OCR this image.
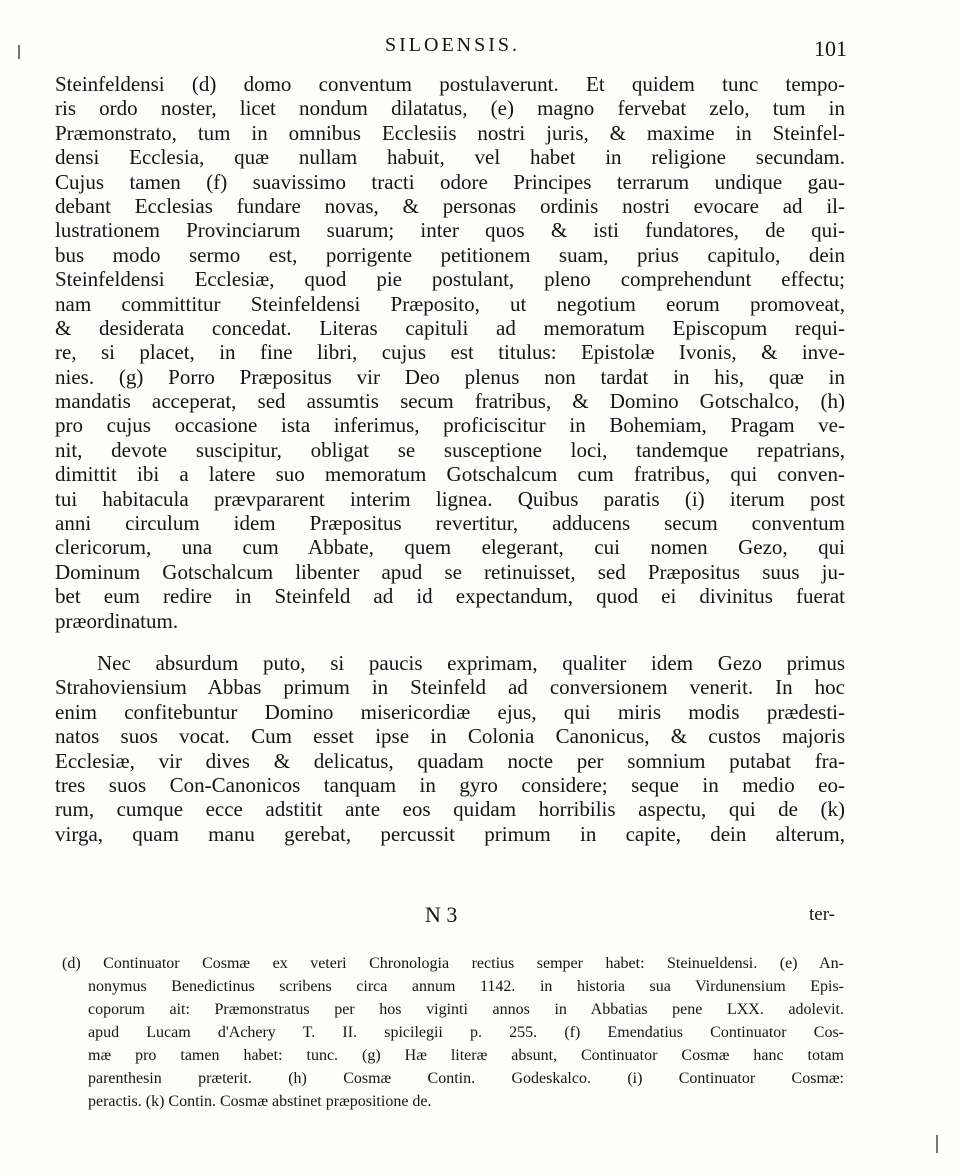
SILOENSIS.	101
Steinfeldensi (d) domo conventum postulaverunt. Et quidem tunc tempo-
ris ordo noster, licet nondum dilatatus, (e) magno fervebat zelo, tum in
Præmonstrato, tum in omnibus Ecclesiis nostri juris, & maxime in Steinfel-
densi Ecclesia, quæ nullam habuit, vel habet in religione secundam.
Cujus tamen (f) suavissimo tracti odore Principes terrarum undique gau-
debant Ecclesias fundare novas, & personas ordinis nostri evocare ad il-
lustrationem Provinciarum suarum; inter quos & isti fundatores, de qui-
bus modo sermo est, porrigente petitionem suam, prius capitulo, dein
Steinfeldensi Ecclesiæ, quod pie postulant, pleno comprehendunt effectu;
nam committitur Steinfeldensi Præposito, ut negotium eorum promoveat,
& desiderata concedat. Literas capituli ad memoratum Episcopum requi-
re, si placet, in fine libri, cujus est titulus: Epistolæ Ivonis, & inve-
nies. (g) Porro Præpositus vir Deo plenus non tardat in his, quæ in
mandatis acceperat, sed assumtis secum fratribus, & Domino Gotschalco, (h)
pro cujus occasione ista inferimus, proficiscitur in Bohemiam, Pragam ve-
nit, devote suscipitur, obligat se susceptione loci, tandemque repatrians,
dimittit ibi a latere suo memoratum Gotschalcum cum fratribus, qui conven-
tui habitacula prævpararent interim lignea. Quibus paratis (i) iterum post
anni circulum idem Præpositus revertitur, adducens secum conventum
clericorum, una cum Abbate, quem elegerant, cui nomen Gezo, qui
Dominum Gotschalcum libenter apud se retinuisset, sed Præpositus suus ju-
bet eum redire in Steinfeld ad id expectandum, quod ei divinitus fuerat
præordinatum.
Nec absurdum puto, si paucis exprimam, qualiter idem Gezo primus
Strahoviensium Abbas primum in Steinfeld ad conversionem venerit. In hoc
enim confitebuntur Domino misericordiæ ejus, qui miris modis prædesti-
natos suos vocat. Cum esset ipse in Colonia Canonicus, & custos majoris
Ecclesiæ, vir dives & delicatus, quadam nocte per somnium putabat fra-
tres suos Con-Canonicos tanquam in gyro considere; seque in medio eo-
rum, cumque ecce adstitit ante eos quidam horribilis aspectu, qui de (k)
virga, quam manu gerebat, percussit primum in capite, dein alterum,
N 3	ter-
(d) Continuator Cosmæ ex veteri Chronologia rectius semper habet: Steinueldensi. (e) An-
nonymus Benedictinus scribens circa annum 1142. in historia sua Virdunensium Epis-
coporum ait: Præmonstratus per hos viginti annos in Abbatias pene LXX. adolevit.
apud Lucam d'Achery T. II. spicilegii p. 255. (f) Emendatius Continuator Cos-
mæ pro tamen habet: tunc. (g) Hæ literæ absunt, Continuator Cosmæ hanc totam
parenthesin præterit. (h) Cosmæ Contin. Godeskalco. (i) Continuator Cosmæ:
peractis. (k) Contin. Cosmæ abstinet præpositione de.
